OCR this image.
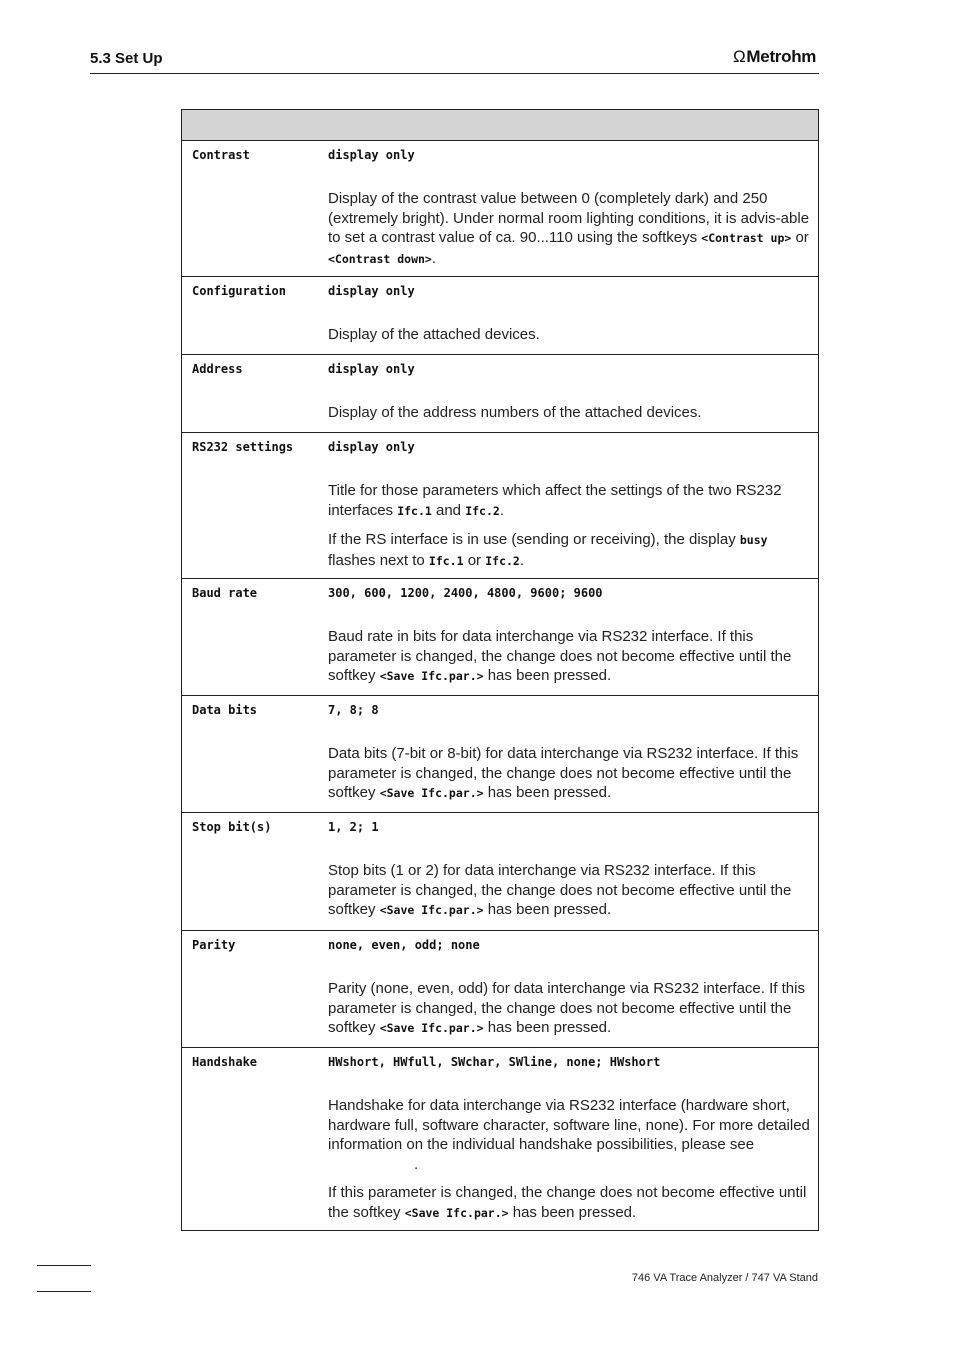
5.3 Set Up	ΩMetrohm
Contrast	display only

Display of the contrast value between 0 (completely dark) and 250 (extremely bright). Under normal room lighting conditions, it is advis-able to set a contrast value of ca. 90...110 using the softkeys <Contrast up> or <Contrast down>.

Configuration	display only

Display of the attached devices.

Address	display only

Display of the address numbers of the attached devices.

RS232 settings	display only

Title for those parameters which affect the settings of the two RS232 interfaces Ifc.1 and Ifc.2.

If the RS interface is in use (sending or receiving), the display busy flashes next to Ifc.1 or Ifc.2.

Baud rate	300, 600, 1200, 2400, 4800, 9600; 9600

Baud rate in bits for data interchange via RS232 interface. If this parameter is changed, the change does not become effective until the softkey <Save Ifc.par.> has been pressed.

Data bits	7, 8; 8

Data bits (7-bit or 8-bit) for data interchange via RS232 interface. If this parameter is changed, the change does not become effective until the softkey <Save Ifc.par.> has been pressed.

Stop bit(s)	1, 2; 1

Stop bits (1 or 2) for data interchange via RS232 interface. If this parameter is changed, the change does not become effective until the softkey <Save Ifc.par.> has been pressed.

Parity	none, even, odd; none

Parity (none, even, odd) for data interchange via RS232 interface. If this parameter is changed, the change does not become effective until the softkey <Save Ifc.par.> has been pressed.

Handshake	HWshort, HWfull, SWchar, SWline, none; HWshort

Handshake for data interchange via RS232 interface (hardware short, hardware full, software character, software line, none). For more detailed information on the individual handshake possibilities, please see .

If this parameter is changed, the change does not become effective until the softkey <Save Ifc.par.> has been pressed.

746 VA Trace Analyzer / 747 VA Stand
